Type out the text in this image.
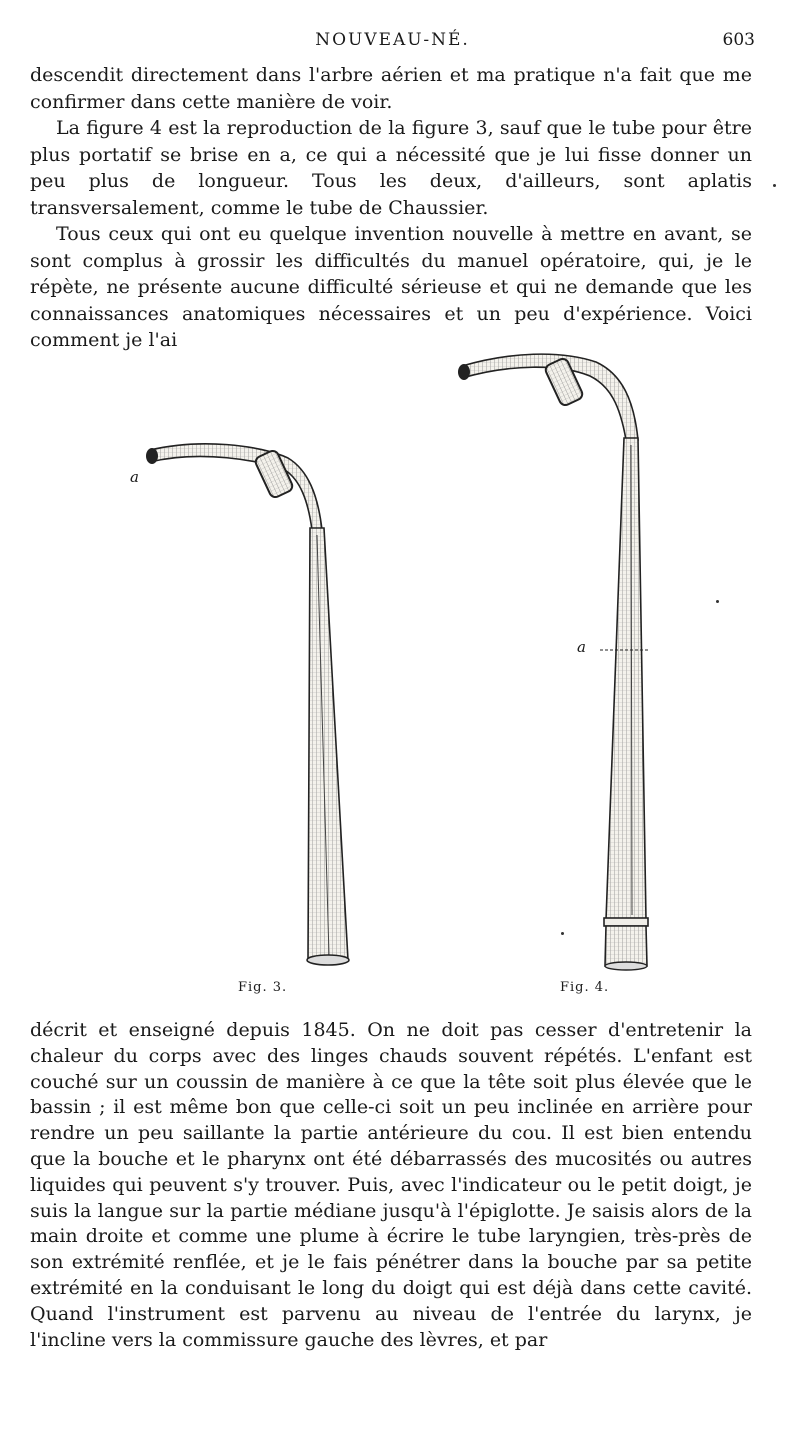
NOUVEAU-NÉ.	603

descendit directement dans l'arbre aérien et ma pratique n'a fait que me confirmer dans cette manière de voir.

La figure 4 est la reproduction de la figure 3, sauf que le tube pour être plus portatif se brise en a, ce qui a nécessité que je lui fisse donner un peu plus de longueur. Tous les deux, d'ailleurs, sont aplatis transversalement, comme le tube de Chaussier.

Tous ceux qui ont eu quelque invention nouvelle à mettre en avant, se sont complus à grossir les difficultés du manuel opératoire, qui, je le répète, ne présente aucune difficulté sérieuse et qui ne demande que les connaissances anatomiques nécessaires et un peu d'expérience. Voici comment je l'ai

a
Fig. 3.
a
Fig. 4.

décrit et enseigné depuis 1845. On ne doit pas cesser d'entretenir la chaleur du corps avec des linges chauds souvent répétés. L'enfant est couché sur un coussin de manière à ce que la tête soit plus élevée que le bassin ; il est même bon que celle-ci soit un peu inclinée en arrière pour rendre un peu saillante la partie antérieure du cou. Il est bien entendu que la bouche et le pharynx ont été débarrassés des mucosités ou autres liquides qui peuvent s'y trouver. Puis, avec l'indicateur ou le petit doigt, je suis la langue sur la partie médiane jusqu'à l'épiglotte. Je saisis alors de la main droite et comme une plume à écrire le tube laryngien, très-près de son extrémité renflée, et je le fais pénétrer dans la bouche par sa petite extrémité en la conduisant le long du doigt qui est déjà dans cette cavité. Quand l'instrument est parvenu au niveau de l'entrée du larynx, je l'incline vers la commissure gauche des lèvres, et par
